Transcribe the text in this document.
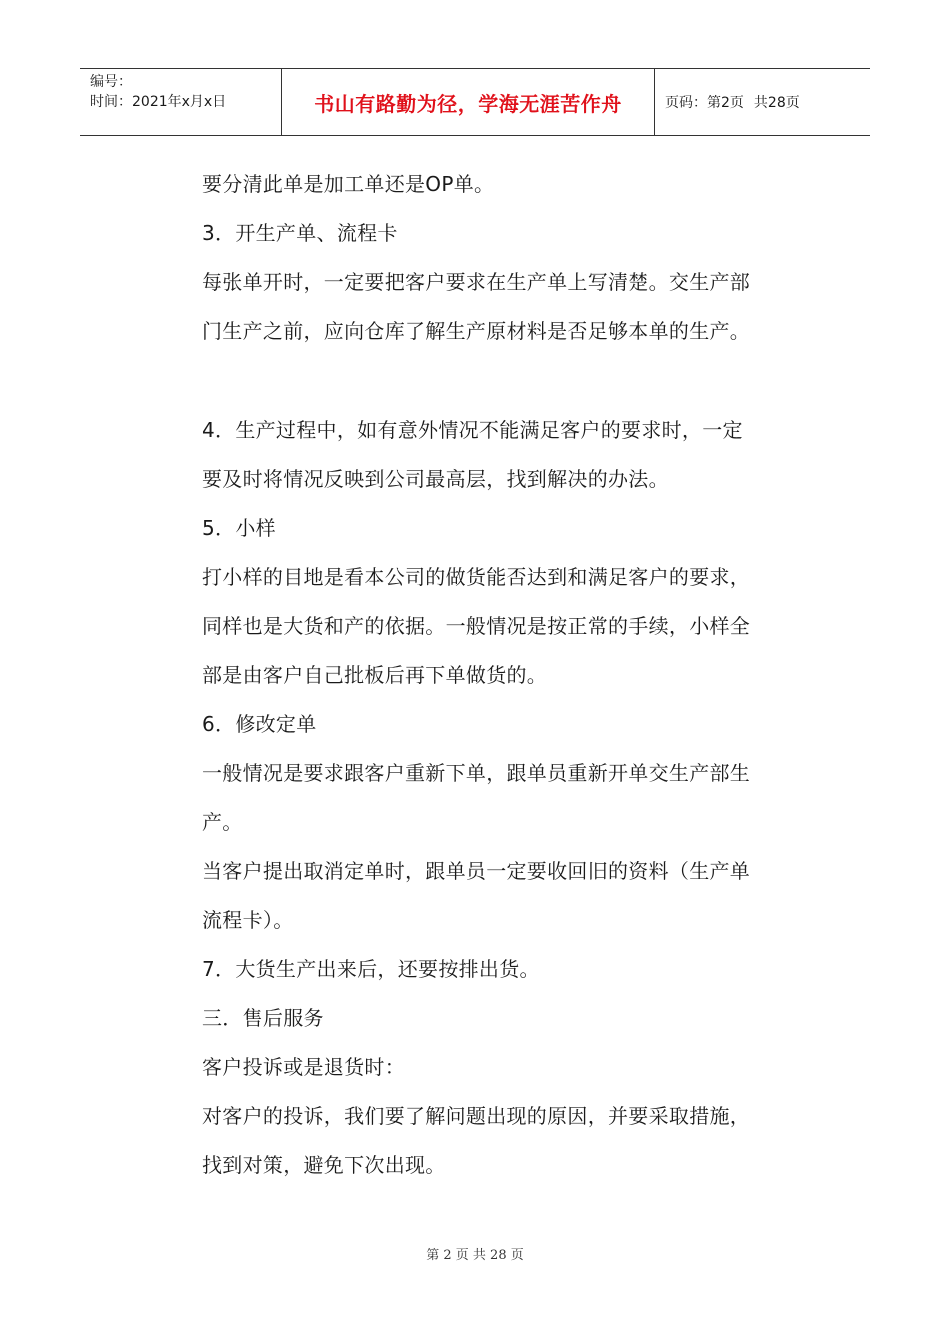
编号：
时间：2021年x月x日	书山有路勤为径，学海无涯苦作舟	页码：第2页 共28页
要分清此单是加工单还是OP单。
3．开生产单、流程卡
每张单开时，一定要把客户要求在生产单上写清楚。交生产部
门生产之前，应向仓库了解生产原材料是否足够本单的生产。
4．生产过程中，如有意外情况不能满足客户的要求时，一定
要及时将情况反映到公司最高层，找到解决的办法。
5．小样
打小样的目地是看本公司的做货能否达到和满足客户的要求，
同样也是大货和产的依据。一般情况是按正常的手续，小样全
部是由客户自己批板后再下单做货的。
6．修改定单
一般情况是要求跟客户重新下单，跟单员重新开单交生产部生
产。
当客户提出取消定单时，跟单员一定要收回旧的资料（生产单
流程卡）。
7．大货生产出来后，还要按排出货。
三．售后服务
客户投诉或是退货时：
对客户的投诉，我们要了解问题出现的原因，并要采取措施，
找到对策，避免下次出现。
第 2 页 共 28 页
